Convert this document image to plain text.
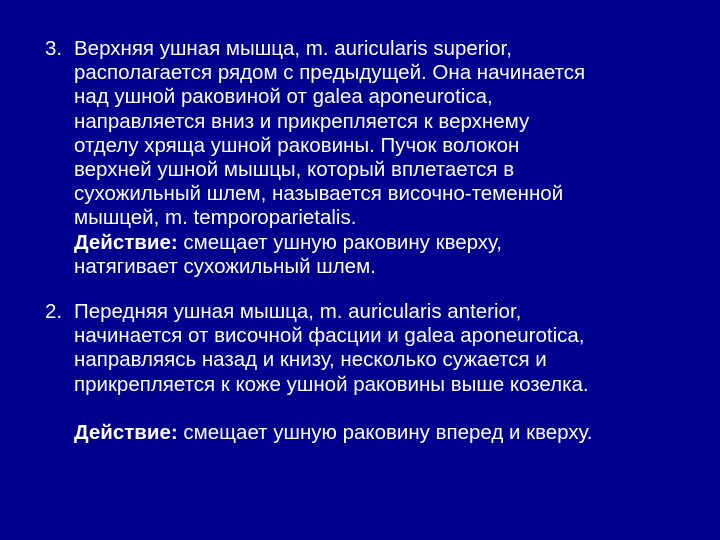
3. Верхняя ушная мышца, m. auricularis superior,
располагается рядом с предыдущей. Она начинается
над ушной раковиной от galea aponeurotica,
направляется вниз и прикрепляется к верхнему
отделу хряща ушной раковины. Пучок волокон
верхней ушной мышцы, который вплетается в
сухожильный шлем, называется височно-теменной
мышцей, m. temporoparietalis.
Действие: смещает ушную раковину кверху,
натягивает сухожильный шлем.
2. Передняя ушная мышца, m. auricularis anterior,
начинается от височной фасции и galea aponeurotica,
направляясь назад и книзу, несколько сужается и
прикрепляется к коже ушной раковины выше козелка.
Действие: смещает ушную раковину вперед и кверху.
